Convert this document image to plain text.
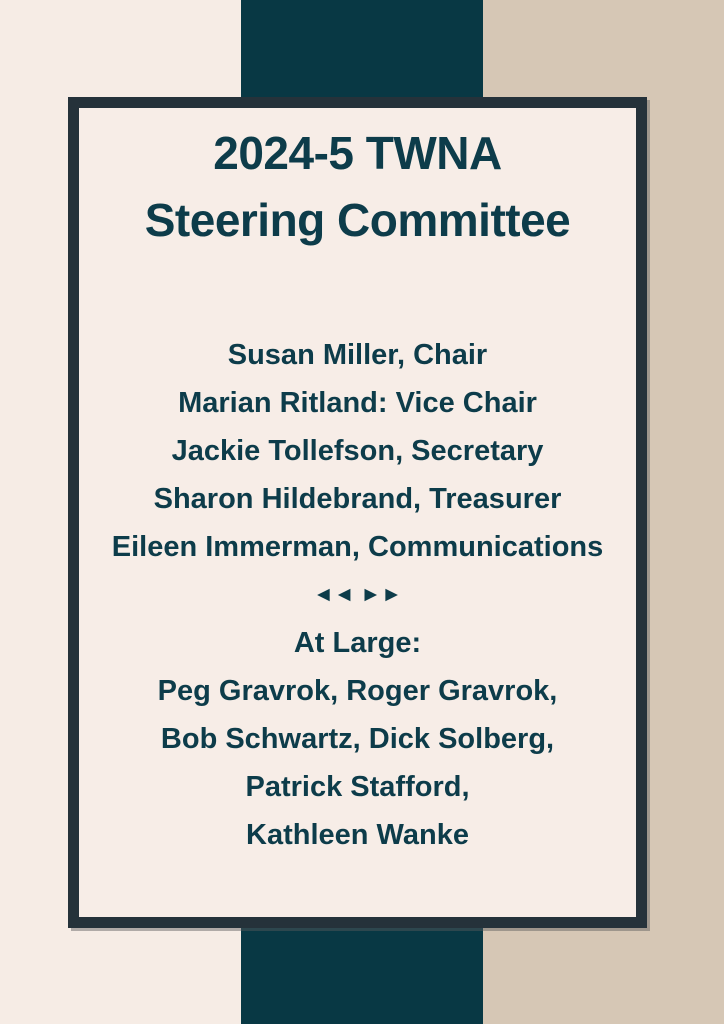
2024-5 TWNA
Steering Committee
Susan Miller, Chair
Marian Ritland: Vice Chair
Jackie Tollefson, Secretary
Sharon Hildebrand, Treasurer
Eileen Immerman, Communications
◄◄ ►►
At Large:
Peg Gravrok, Roger Gravrok,
Bob Schwartz, Dick Solberg,
Patrick Stafford,
Kathleen Wanke
